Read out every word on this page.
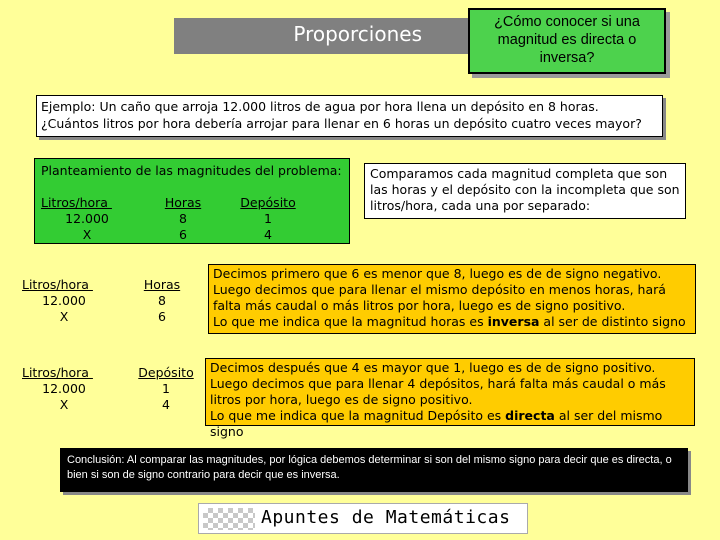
Proporciones	¿Cómo conocer si una
magnitud es directa o
inversa?
Ejemplo: Un caño que arroja 12.000 litros de agua por hora llena un depósito en 8 horas.
¿Cuántos litros por hora debería arrojar para llenar en 6 horas un depósito cuatro veces mayor?
Planteamiento de las magnitudes del problema:
Litros/hora
12.000
X
Horas
8
6
Depósito
1
4
Comparamos cada magnitud completa que son las horas y el depósito con la incompleta que son litros/hora, cada una por separado:
Litros/hora
12.000
X
Horas
8
6
Decimos primero que 6 es menor que 8, luego es de de signo negativo.
Luego decimos que para llenar el mismo depósito en menos horas, hará falta más caudal o más litros por hora, luego es de signo positivo.
Lo que me indica que la magnitud horas es inversa al ser de distinto signo
Litros/hora
12.000
X
Depósito
1
4
Decimos después que 4 es mayor que 1, luego es de de signo positivo.
Luego decimos que para llenar 4 depósitos, hará falta más caudal o más litros por hora, luego es de signo positivo.
Lo que me indica que la magnitud Depósito es directa al ser del mismo signo
Conclusión: Al comparar las magnitudes, por lógica debemos determinar si son del mismo signo para decir que es directa, o bien si son de signo contrario para decir que es inversa.
Apuntes de Matemáticas
